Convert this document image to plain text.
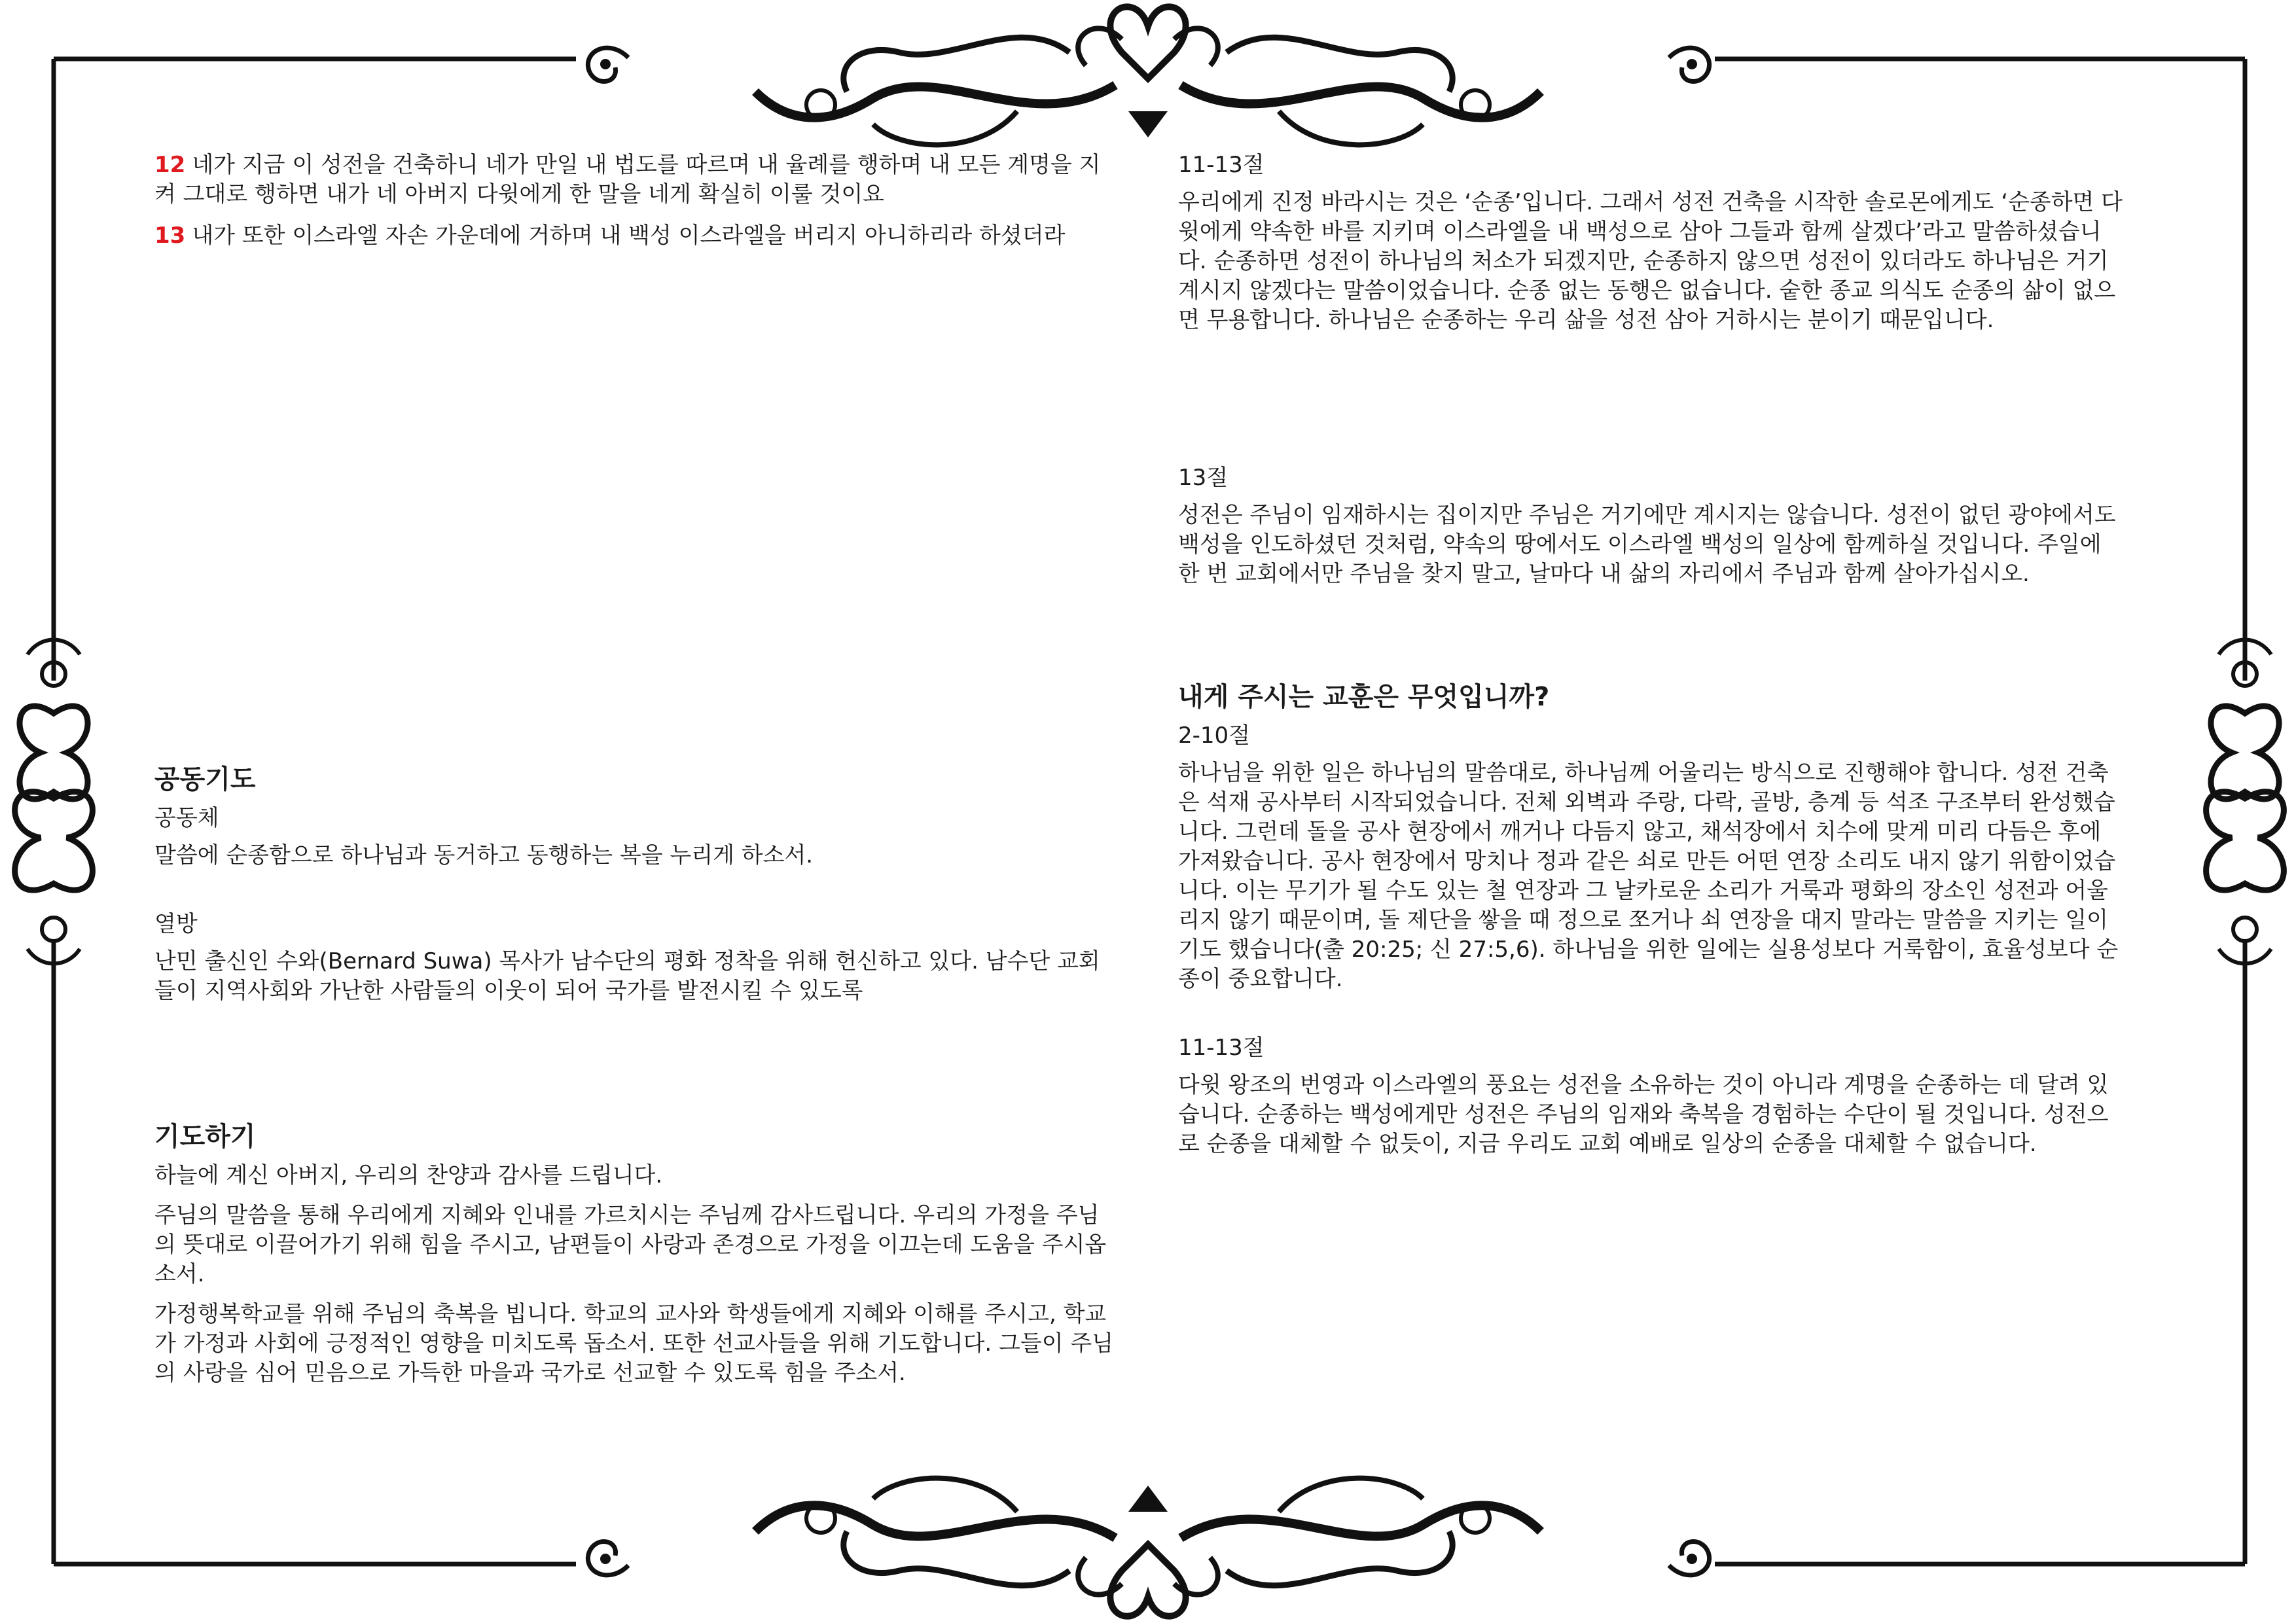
12 네가 지금 이 성전을 건축하니 네가 만일 내 법도를 따르며 내 율례를 행하며 내 모든 계명을 지켜 그대로 행하면 내가 네 아버지 다윗에게 한 말을 네게 확실히 이룰 것이요

13 내가 또한 이스라엘 자손 가운데에 거하며 내 백성 이스라엘을 버리지 아니하리라 하셨더라

공동기도

공동체

말씀에 순종함으로 하나님과 동거하고 동행하는 복을 누리게 하소서.

열방

난민 출신인 수와(Bernard Suwa) 목사가 남수단의 평화 정착을 위해 헌신하고 있다. 남수단 교회들이 지역사회와 가난한 사람들의 이웃이 되어 국가를 발전시킬 수 있도록

기도하기

하늘에 계신 아버지, 우리의 찬양과 감사를 드립니다.

주님의 말씀을 통해 우리에게 지혜와 인내를 가르치시는 주님께 감사드립니다. 우리의 가정을 주님의 뜻대로 이끌어가기 위해 힘을 주시고, 남편들이 사랑과 존경으로 가정을 이끄는데 도움을 주시옵소서.

가정행복학교를 위해 주님의 축복을 빕니다. 학교의 교사와 학생들에게 지혜와 이해를 주시고, 학교가 가정과 사회에 긍정적인 영향을 미치도록 돕소서. 또한 선교사들을 위해 기도합니다. 그들이 주님의 사랑을 심어 믿음으로 가득한 마을과 국가로 선교할 수 있도록 힘을 주소서.

11-13절

우리에게 진정 바라시는 것은 ‘순종’입니다. 그래서 성전 건축을 시작한 솔로몬에게도 ‘순종하면 다윗에게 약속한 바를 지키며 이스라엘을 내 백성으로 삼아 그들과 함께 살겠다’라고 말씀하셨습니다. 순종하면 성전이 하나님의 처소가 되겠지만, 순종하지 않으면 성전이 있더라도 하나님은 거기 계시지 않겠다는 말씀이었습니다. 순종 없는 동행은 없습니다. 숱한 종교 의식도 순종의 삶이 없으면 무용합니다. 하나님은 순종하는 우리 삶을 성전 삼아 거하시는 분이기 때문입니다.

13절

성전은 주님이 임재하시는 집이지만 주님은 거기에만 계시지는 않습니다. 성전이 없던 광야에서도 백성을 인도하셨던 것처럼, 약속의 땅에서도 이스라엘 백성의 일상에 함께하실 것입니다. 주일에 한 번 교회에서만 주님을 찾지 말고, 날마다 내 삶의 자리에서 주님과 함께 살아가십시오.

내게 주시는 교훈은 무엇입니까?

2-10절

하나님을 위한 일은 하나님의 말씀대로, 하나님께 어울리는 방식으로 진행해야 합니다. 성전 건축은 석재 공사부터 시작되었습니다. 전체 외벽과 주랑, 다락, 골방, 층계 등 석조 구조부터 완성했습니다. 그런데 돌을 공사 현장에서 깨거나 다듬지 않고, 채석장에서 치수에 맞게 미리 다듬은 후에 가져왔습니다. 공사 현장에서 망치나 정과 같은 쇠로 만든 어떤 연장 소리도 내지 않기 위함이었습니다. 이는 무기가 될 수도 있는 철 연장과 그 날카로운 소리가 거룩과 평화의 장소인 성전과 어울리지 않기 때문이며, 돌 제단을 쌓을 때 정으로 쪼거나 쇠 연장을 대지 말라는 말씀을 지키는 일이기도 했습니다(출 20:25; 신 27:5,6). 하나님을 위한 일에는 실용성보다 거룩함이, 효율성보다 순종이 중요합니다.

11-13절

다윗 왕조의 번영과 이스라엘의 풍요는 성전을 소유하는 것이 아니라 계명을 순종하는 데 달려 있습니다. 순종하는 백성에게만 성전은 주님의 임재와 축복을 경험하는 수단이 될 것입니다. 성전으로 순종을 대체할 수 없듯이, 지금 우리도 교회 예배로 일상의 순종을 대체할 수 없습니다.
